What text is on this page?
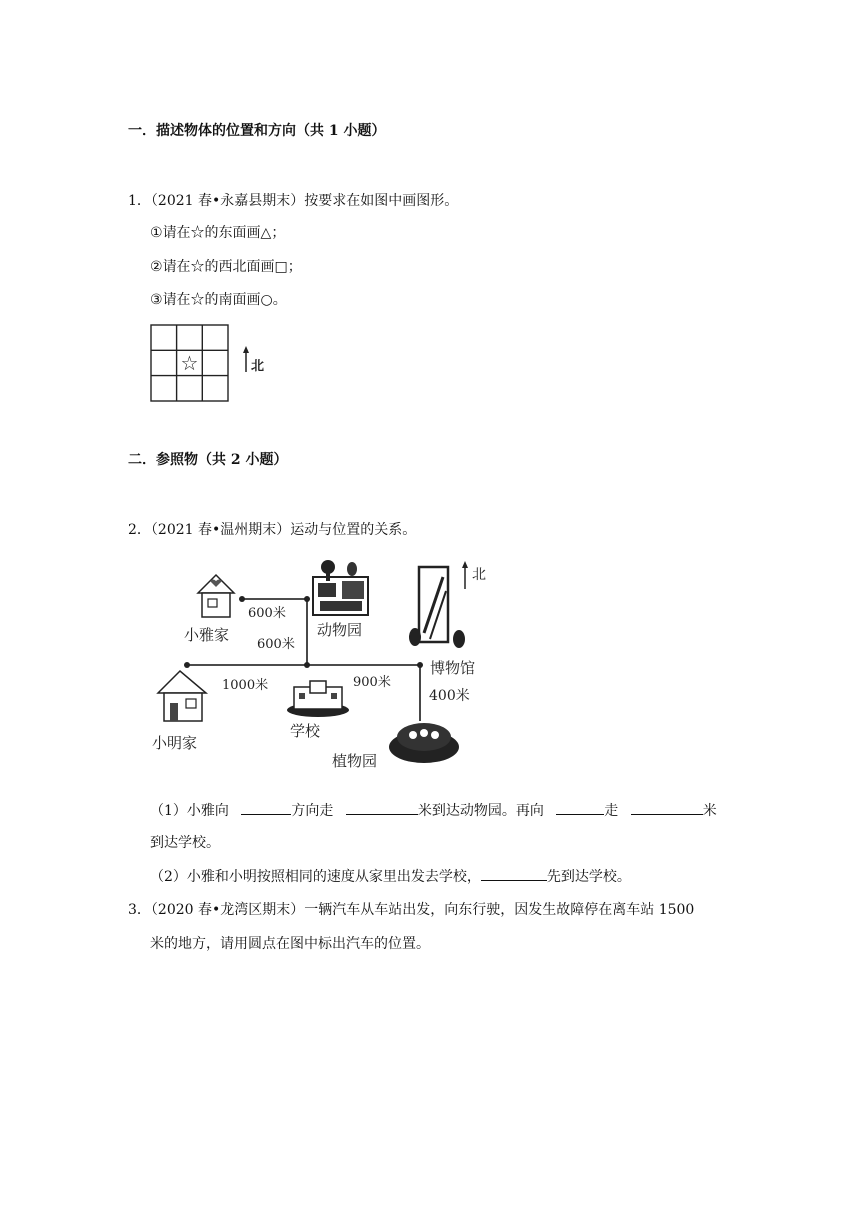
一．描述物体的位置和方向（共 1 小题）
1．（2021 春•永嘉县期末）按要求在如图中画图形。
①请在☆的东面画△；
②请在☆的西北面画□；
③请在☆的南面画○。
☆	北
二．参照物（共 2 小题）
2．（2021 春•温州期末）运动与位置的关系。
北
小雅家	动物园
博物馆
小明家
学校
植物园
600米
600米
1000米	900米
400米
（1）小雅向	方向走	米到达动物园。再向	走	米
到达学校。
（2）小雅和小明按照相同的速度从家里出发去学校，	先到达学校。
3．（2020 春•龙湾区期末）一辆汽车从车站出发，向东行驶，因发生故障停在离车站 1500
米的地方，请用圆点在图中标出汽车的位置。
